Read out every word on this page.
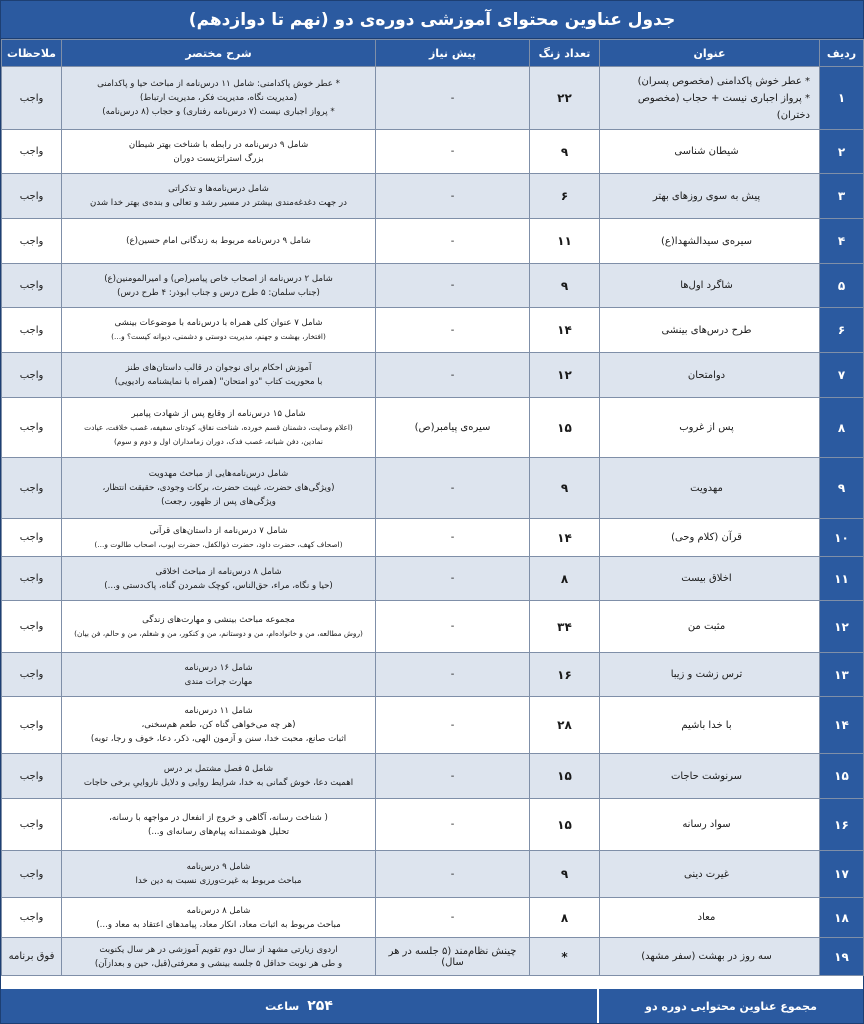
جدول عناوین محتوای آموزشی دوره‌ی دو (نهم تا دوازدهم)
ردیف	عنوان	تعداد زنگ	پیش نیاز	شرح مختصر	ملاحظات
۱	* عطر خوش پاکدامنی (مخصوص پسران)
* پرواز اجباری نیست + حجاب (مخصوص دختران)	۲۲	-	* عطر خوش پاکدامنی: شامل ۱۱ درس‌نامه از مباحث حیا و پاکدامنی
(مدیریت نگاه، مدیریت فکر، مدیریت ارتباط)
* پرواز اجباری نیست (۷ درس‌نامه رفتاری) و حجاب (۸ درس‌نامه)	واجب
۲	شیطان شناسی	۹	-	شامل ۹ درس‌نامه در رابطه با شناخت بهتر شیطان
بزرگ استراتژیست دوران	واجب
۳	پیش به سوی روزهای بهتر	۶	-	شامل درس‌نامه‌ها و تذکراتی
در جهت دغدغه‌مندی بیشتر در مسیر رشد و تعالی و بنده‌ی بهتر خدا شدن	واجب
۴	سیره‌ی سیدالشهدا(ع)	۱۱	-	شامل ۹ درس‌نامه مربوط به زندگانی امام حسین(ع)	واجب
۵	شاگرد اول‌ها	۹	-	شامل ۲ درس‌نامه از اصحاب خاص پیامبر(ص) و امیرالمومنین(ع)
(جناب سلمان: ۵ طرح درس و جناب ابوذر: ۴ طرح درس)	واجب
۶	طرح درس‌های بینشی	۱۴	-	شامل ۷ عنوان کلی همراه با درس‌نامه با موضوعات بینشی
(افتخار، بهشت و جهنم، مدیریت دوستی و دشمنی، دیوانه کیست؟ و...)	واجب
۷	دوامتحان	۱۲	-	آموزش احکام برای نوجوان در قالب داستان‌های طنز
با محوریت کتاب "دو امتحان" (همراه با نمایشنامه رادیویی)	واجب
۸	پس از غروب	۱۵	سیره‌ی پیامبر(ص)	شامل ۱۵ درس‌نامه از وقایع پس از شهادت پیامبر
(اعلام وصایت، دشمنان قسم خورده، شناخت نفاق، کودتای سقیفه، غصب خلافت، عیادت
نمادین، دفن شبانه، غصب فدک، دوران زمامداران اول و دوم و سوم)	واجب
۹	مهدویت	۹	-	شامل درس‌نامه‌هایی از مباحث مهدویت
(ویژگی‌های حضرت، غیبت حضرت، برکات وجودی، حقیقت انتظار،
ویژگی‌های پس از ظهور، رجعت)	واجب
۱۰	قرآن (کلام وحی)	۱۴	-	شامل ۷ درس‌نامه از داستان‌های قرآنی
(اصحاف کهف، حضرت داود، حضرت ذوالکفل، حضرت ایوب، اصحاب طالوت و...)	واجب
۱۱	اخلاق بیست	۸	-	شامل ۸ درس‌نامه از مباحث اخلاقی
(حیا و نگاه، مراء، حق‌الناس، کوچک شمردن گناه، پاک‌دستی و...)	واجب
۱۲	مثبت من	۳۴	-	مجموعه مباحث بینشی و مهارت‌های زندگی
(روش مطالعه، من و خانواده‌ام، من و دوستانم، من و کنکور، من و شغلم، من و حالم، فن بیان)	واجب
۱۳	ترس زشت و زیبا	۱۶	-	شامل ۱۶ درس‌نامه
مهارت جرات مندی	واجب
۱۴	با خدا باشیم	۲۸	-	شامل ۱۱ درس‌نامه
(هر چه می‌خواهی گناه کن، طعم هم‌سخنی،
اثبات صانع، محبت خدا، سنن و آزمون الهی، ذکر، دعا، خوف و رجا، توبه)	واجب
۱۵	سرنوشت حاجات	۱۵	-	شامل ۵ فصل مشتمل بر درس
اهمیت دعا، خوش گمانی به خدا، شرایط روایی و دلایل نارواییِ برخی حاجات	واجب
۱۶	سواد رسانه	۱۵	-	( شناخت رسانه، آگاهی و خروج از انفعال در مواجهه با رسانه،
تحلیل هوشمندانه پیام‌های رسانه‌ای و...)	واجب
۱۷	غیرت دینی	۹	-	شامل ۹ درس‌نامه
مباحث مربوط به غیرت‌ورزی نسبت به دین خدا	واجب
۱۸	معاد	۸	-	شامل ۸ درس‌نامه
مباحث مربوط به اثبات معاد، انکار معاد، پیامدهای اعتقاد به معاد و...)	واجب
۱۹	سه روز در بهشت (سفر مشهد)	*	چینش نظام‌مند (۵ جلسه در هر سال)	اردوی زیارتی مشهد از سال دوم تقویم آموزشی در هر سال یکنوبت
و طی هر نوبت حداقل ۵ جلسه بینشی و معرفتی(قبل، حین و بعدازآن)	فوق برنامه
مجموع عناوین محتوایی دوره دو
۲۵۴
ساعت
